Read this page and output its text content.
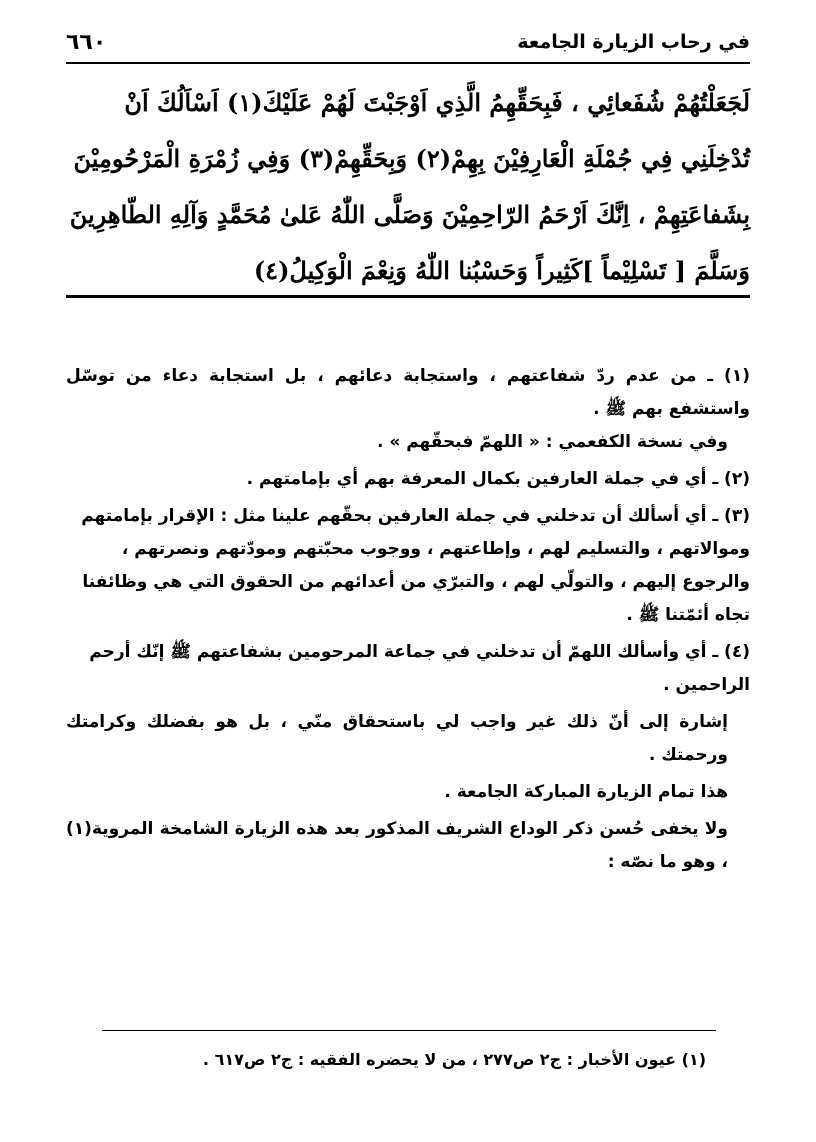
في رحاب الزيارة الجامعة
٦٦٠

لَجَعَلْتُهُمْ شُفَعائِي ، فَبِحَقِّهِمُ الَّذِي اَوْجَبْتَ لَهُمْ عَلَيْكَ(١) اَسْاَلُكَ اَنْ

تُدْخِلَنِي فِي جُمْلَةِ الْعَارِفِيْنَ بِهِمْ(٢) وَبِحَقِّهِمْ(٣) وَفِي زُمْرَةِ الْمَرْحُومِيْنَ

بِشَفاعَتِهِمْ ، اِنَّكَ اَرْحَمُ الرّاحِمِيْنَ وَصَلَّى اللّٰهُ عَلىٰ مُحَمَّدٍ وَآلِهِ الطّاهِرِينَ

وَسَلَّمَ [ تَسْلِيْماً ]كَثِيراً وَحَسْبُنا اللّٰهُ وَنِعْمَ الْوَكِيلُ(٤)

(١) ـ من عدم ردّ شفاعتهم ، واستجابة دعائهم ، بل استجابة دعاء من توسّل واستشفع بهم ﷺ .
وفي نسخة الكفعمي : « اللهمّ فبحقّهم » .
(٢) ـ أي في جملة العارفين بكمال المعرفة بهم أي بإمامتهم .
(٣) ـ أي أسألك أن تدخلني في جملة العارفين بحقّهم علينا مثل : الإقرار بإمامتهم
وموالاتهم ، والتسليم لهم ، وإطاعتهم ، ووجوب محبّتهم ومودّتهم ونصرتهم ،
والرجوع إليهم ، والتولّي لهم ، والتبرّي من أعدائهم من الحقوق التي هي وظائفنا
تجاه أئمّتنا ﷺ .
(٤) ـ أي وأسألك اللهمّ أن تدخلني في جماعة المرحومين بشفاعتهم ﷺ إنّك أرحم
الراحمين .
إشارة إلى أنّ ذلك غير واجب لي باستحقاق منّي ، بل هو بفضلك وكرامتك ورحمتك .
هذا تمام الزيارة المباركة الجامعة .
ولا يخفى حُسن ذكر الوداع الشريف المذكور بعد هذه الزيارة الشامخة المروية(١) ، وهو ما نصّه :
(١) عيون الأخبار : ج٢ ص٢٧٧ ، من لا يحضره الفقيه : ج٢ ص٦١٧ .
